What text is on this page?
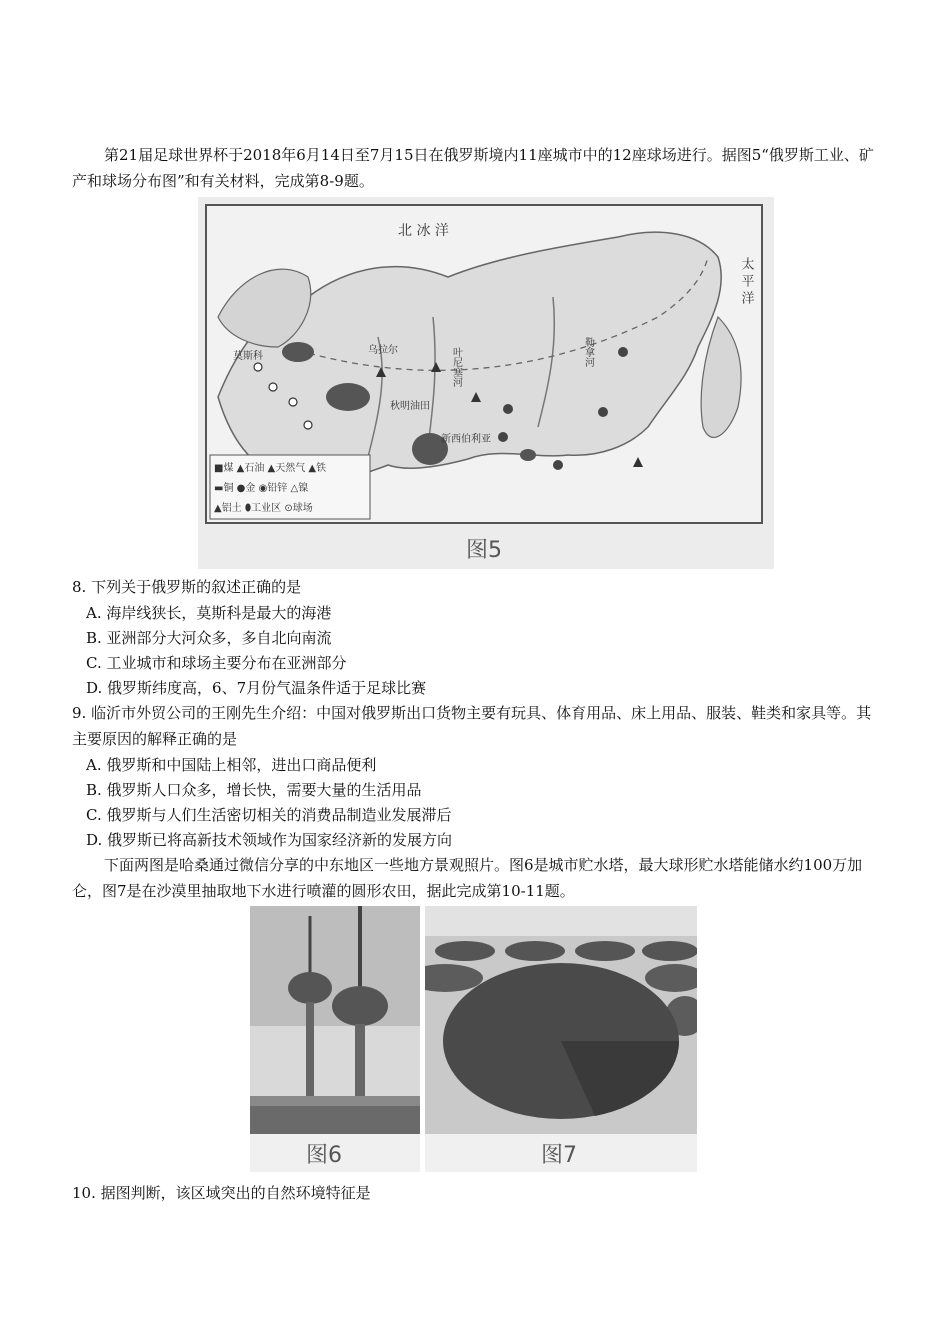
第21届足球世界杯于2018年6月14日至7月15日在俄罗斯境内11座城市中的12座球场进行。据图5“俄罗斯工业、矿产和球场分布图”和有关材料，完成第8-9题。

北 冰 洋
太 平 洋
莫斯科
乌拉尔
秋明油田
新西伯利亚
叶尼塞河	勒拿河
■煤 ▲石油 ▲天然气 ▲铁
▬铜 ●金 ◉铅锌 △镍
▲铝土 ⬮工业区 ⊙球场
图5

8. 下列关于俄罗斯的叙述正确的是

A. 海岸线狭长，莫斯科是最大的海港

B. 亚洲部分大河众多，多自北向南流

C. 工业城市和球场主要分布在亚洲部分

D. 俄罗斯纬度高，6、7月份气温条件适于足球比赛

9. 临沂市外贸公司的王刚先生介绍：中国对俄罗斯出口货物主要有玩具、体育用品、床上用品、服装、鞋类和家具等。其主要原因的解释正确的是

A. 俄罗斯和中国陆上相邻，进出口商品便利

B. 俄罗斯人口众多，增长快，需要大量的生活用品

C. 俄罗斯与人们生活密切相关的消费品制造业发展滞后

D. 俄罗斯已将高新技术领域作为国家经济新的发展方向

下面两图是哈桑通过微信分享的中东地区一些地方景观照片。图6是城市贮水塔，最大球形贮水塔能储水约100万加仑，图7是在沙漠里抽取地下水进行喷灌的圆形农田，据此完成第10-11题。

图6	图7

10. 据图判断，该区域突出的自然环境特征是
